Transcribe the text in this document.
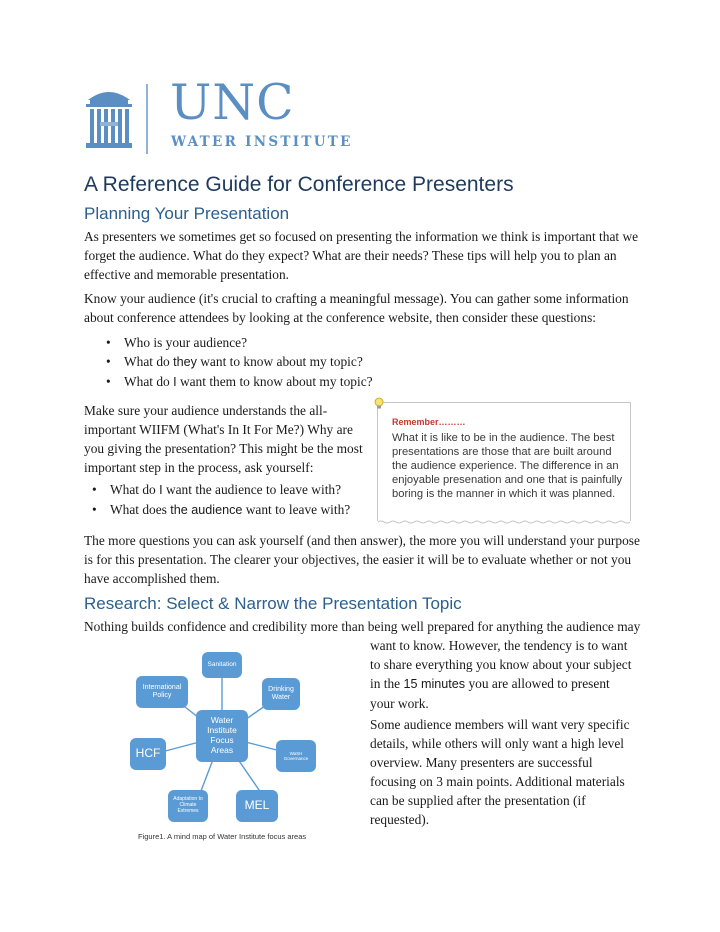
UNC
WATER INSTITUTE
A Reference Guide for Conference Presenters
Planning Your Presentation

As presenters we sometimes get so focused on presenting the information we think is important that we forget the audience. What do they expect? What are their needs? These tips will help you to plan an effective and memorable presentation.

Know your audience (it's crucial to crafting a meaningful message). You can gather some information about conference attendees by looking at the conference website, then consider these questions:

• Who is your audience?
• What do they want to know about my topic?
• What do I want them to know about my topic?

Make sure your audience understands the all-important WIIFM (What's In It For Me?) Why are you giving the presentation? This might be the most important step in the process, ask yourself:

• What do I want the audience to leave with?
• What does the audience want to leave with?
Remember………
What it is like to be in the audience. The best presentations are those that are built around the audience experience. The difference in an enjoyable presenation and one that is painfully boring is the manner in which it was planned.

The more questions you can ask yourself (and then answer), the more you will understand your purpose is for this presentation. The clearer your objectives, the easier it will be to evaluate whether or not you have accomplished them.

Research: Select & Narrow the Presentation Topic

Nothing builds confidence and credibility more than being well prepared for anything the audience may

want to know. However, the tendency is to want to share everything you know about your subject in the 15 minutes you are allowed to present your work.

Some audience members will want very specific details, while others will only want a high level overview. Many presenters are successful focusing on 3 main points. Additional materials can be supplied after the presentation (if requested).

Sanitation
Drinking Water
International Policy
Water Institute Focus Areas
HCF	WaSH Governance
Adaptation to Climate Extremes	MEL
Figure1. A mind map of Water Institute focus areas
